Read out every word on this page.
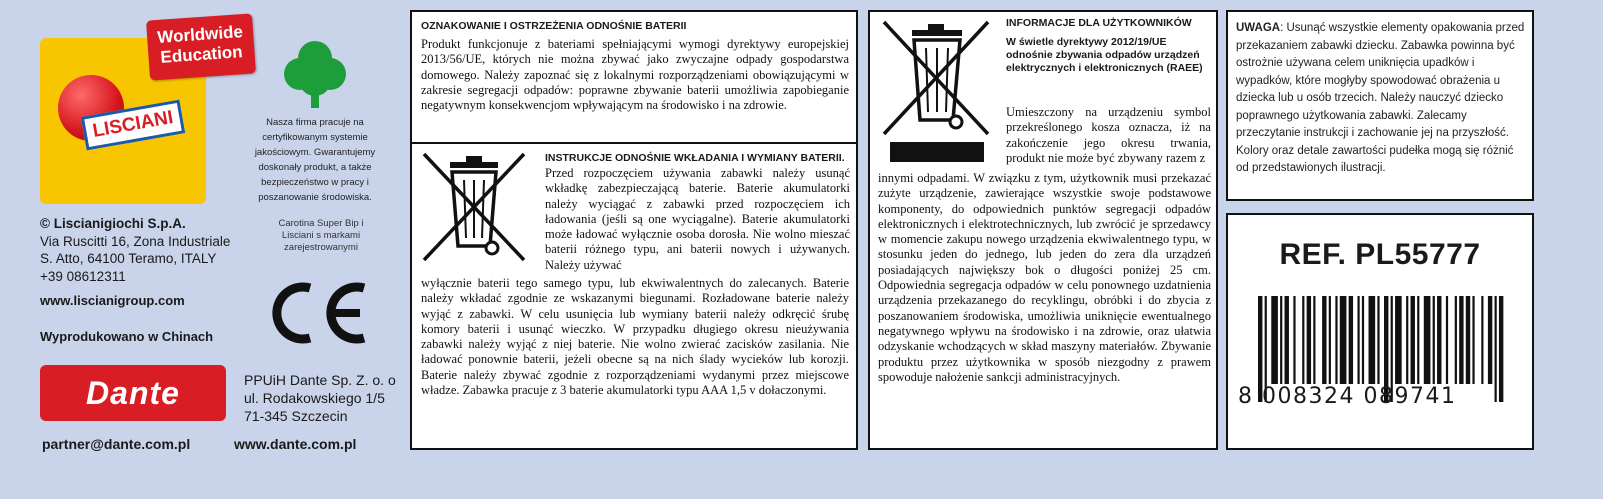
Worldwide
Education
LISCIANI	Nasza firma pracuje na certyfikowanym systemie jakościowym. Gwarantujemy doskonały produkt, a także bezpieczeństwo w pracy i poszanowanie środowiska.
© Liscianigiochi S.p.A.
Via Ruscitti 16, Zona Industriale
S. Atto, 64100 Teramo, ITALY
+39 08612311
Carotina Super Bip i Lisciani s markami zarejestrowanymi
www.liscianigroup.com
Wyprodukowano w Chinach
Dante	PPUiH Dante Sp. Z. o. o
ul. Rodakowskiego 1/5
71-345 Szczecin
partner@dante.com.pl	www.dante.com.pl
OZNAKOWANIE I OSTRZEŻENIA ODNOŚNIE BATERII
Produkt funkcjonuje z bateriami spełniającymi wymogi dyrektywy europejskiej 2013/56/UE, których nie można zbywać jako zwyczajne odpady gospodarstwa domowego. Należy zapoznać się z lokalnymi rozporządzeniami obowiązującymi w zakresie segregacji odpadów: poprawne zbywanie baterii umożliwia zapobieganie negatywnym konsekwencjom wpływającym na środowisko i na zdrowie.
INSTRUKCJE ODNOŚNIE WKŁADANIA I WYMIANY BATERII.
Przed rozpoczęciem używania zabawki należy usunąć wkładkę zabezpieczającą baterie. Baterie akumulatorki należy wyciągać z zabawki przed rozpoczęciem ich ładowania (jeśli są one wyciągalne). Baterie akumulatorki może ładować wyłącznie osoba dorosła. Nie wolno mieszać baterii różnego typu, ani baterii nowych i używanych. Należy używać
wyłącznie baterii tego samego typu, lub ekwiwalentnych do zalecanych. Baterie należy wkładać zgodnie ze wskazanymi biegunami. Rozładowane baterie należy wyjąć z zabawki. W celu usunięcia lub wymiany baterii należy odkręcić śrubę komory baterii i usunąć wieczko. W przypadku długiego okresu nieużywania zabawki należy wyjąć z niej baterie. Nie wolno zwierać zacisków zasilania. Nie ładować ponownie baterii, jeżeli obecne są na nich ślady wycieków lub korozji. Baterie należy zbywać zgodnie z rozporządzeniami wydanymi przez miejscowe władze. Zabawka pracuje z 3 baterie akumulatorki typu AAA 1,5 v dołaczonymi.
INFORMACJE DLA UŻYTKOWNIKÓW
W świetle dyrektywy 2012/19/UE odnośnie zbywania odpadów urządzeń elektrycznych i elektronicznych (RAEE)
Umieszczony na urządzeniu symbol przekreślonego kosza oznacza, iż na zakończenie jego okresu trwania, produkt nie może być zbywany razem z
innymi odpadami. W związku z tym, użytkownik musi przekazać zużyte urządzenie, zawierające wszystkie swoje podstawowe komponenty, do odpowiednich punktów segregacji odpadów elektronicznych i elektrotechnicznych, lub zwrócić je sprzedawcy w momencie zakupu nowego urządzenia ekwiwalentnego typu, w stosunku jeden do jednego, lub jeden do zera dla urządzeń posiadających największy bok o długości poniżej 25 cm. Odpowiednia segregacja odpadów w celu ponownego uzdatnienia urządzenia przekazanego do recyklingu, obróbki i do zbycia z poszanowaniem środowiska, umożliwia uniknięcie ewentualnego negatywnego wpływu na środowisko i na zdrowie, oraz ułatwia odzyskanie wchodzących w skład maszyny materiałów. Zbywanie produktu przez użytkownika w sposób niezgodny z prawem spowoduje nałożenie sankcji administracyjnych.
UWAGA: Usunąć wszystkie elementy opakowania przed przekazaniem zabawki dziecku. Zabawka powinna być ostrożnie używana celem uniknięcia upadków i wypadków, które mogłyby spowodować obrażenia u dziecka lub u osób trzecich. Należy nauczyć dziecko poprawnego użytkowania zabawki. Zalecamy przeczytanie instrukcji i zachowanie jej na przyszłość. Kolory oraz detale zawartości pudełka mogą się różnić od przedstawionych ilustracji.
REF. PL55777
8 008324 089741
